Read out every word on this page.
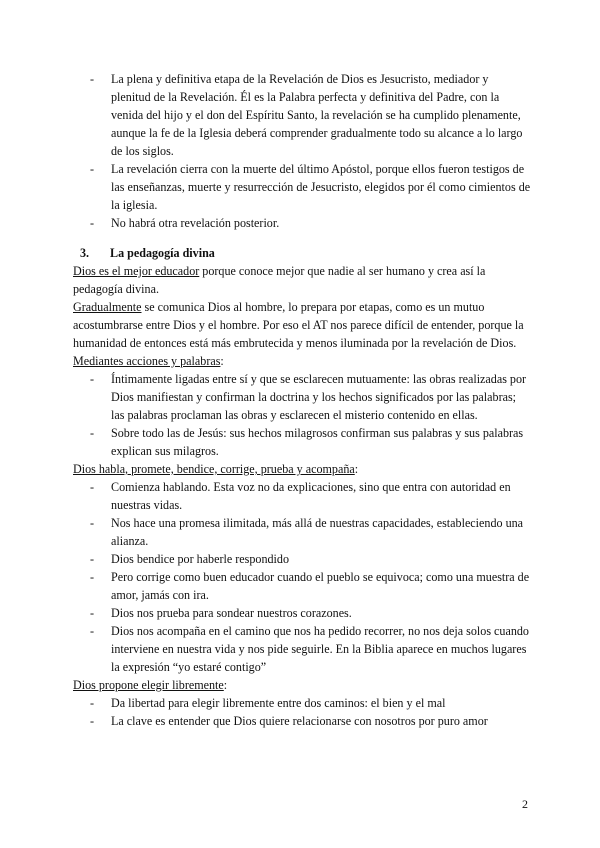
- La plena y definitiva etapa de la Revelación de Dios es Jesucristo, mediador y plenitud de la Revelación. Él es la Palabra perfecta y definitiva del Padre, con la venida del hijo y el don del Espíritu Santo, la revelación se ha cumplido plenamente, aunque la fe de la Iglesia deberá comprender gradualmente todo su alcance a lo largo de los siglos.
- La revelación cierra con la muerte del último Apóstol, porque ellos fueron testigos de las enseñanzas, muerte y resurrección de Jesucristo, elegidos por él como cimientos de la iglesia.
- No habrá otra revelación posterior.
3. La pedagogía divina

Dios es el mejor educador porque conoce mejor que nadie al ser humano y crea así la pedagogía divina.

Gradualmente se comunica Dios al hombre, lo prepara por etapas, como es un mutuo acostumbrarse entre Dios y el hombre. Por eso el AT nos parece difícil de entender, porque la humanidad de entonces está más embrutecida y menos iluminada por la revelación de Dios.

Mediantes acciones y palabras:

- Íntimamente ligadas entre sí y que se esclarecen mutuamente: las obras realizadas por Dios manifiestan y confirman la doctrina y los hechos significados por las palabras; las palabras proclaman las obras y esclarecen el misterio contenido en ellas.
- Sobre todo las de Jesús: sus hechos milagrosos confirman sus palabras y sus palabras explican sus milagros.

Dios habla, promete, bendice, corrige, prueba y acompaña:

- Comienza hablando. Esta voz no da explicaciones, sino que entra con autoridad en nuestras vidas.
- Nos hace una promesa ilimitada, más allá de nuestras capacidades, estableciendo una alianza.
- Dios bendice por haberle respondido
- Pero corrige como buen educador cuando el pueblo se equivoca; como una muestra de amor, jamás con ira.
- Dios nos prueba para sondear nuestros corazones.
- Dios nos acompaña en el camino que nos ha pedido recorrer, no nos deja solos cuando interviene en nuestra vida y nos pide seguirle. En la Biblia aparece en muchos lugares la expresión “yo estaré contigo”

Dios propone elegir libremente:

- Da libertad para elegir libremente entre dos caminos: el bien y el mal
- La clave es entender que Dios quiere relacionarse con nosotros por puro amor
2
